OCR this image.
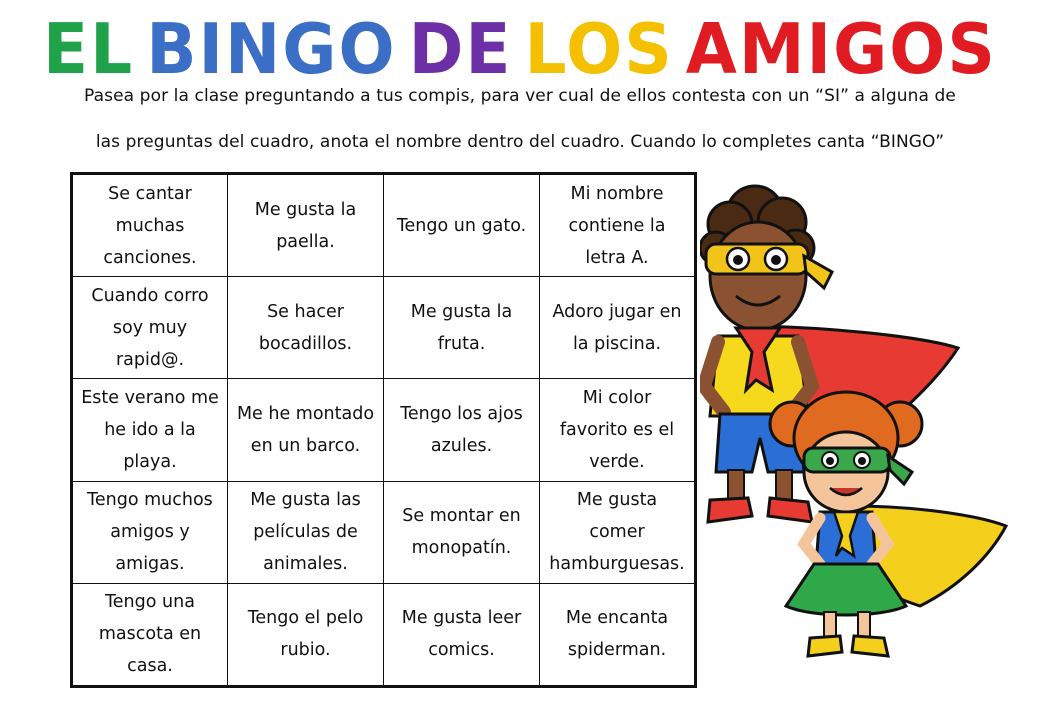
EL BINGO DE LOS AMIGOS
Pasea por la clase preguntando a tus compis, para ver cual de ellos contesta con un “SI” a alguna de
las preguntas del cuadro, anota el nombre dentro del cuadro. Cuando lo completes canta “BINGO”
Se cantar muchas canciones.	Me gusta la paella.	Tengo un gato.	Mi nombre contiene la letra A.
Cuando corro soy muy rapid@.	Se hacer bocadillos.	Me gusta la fruta.	Adoro jugar en la piscina.
Este verano me he ido a la playa.	Me he montado en un barco.	Tengo los ajos azules.	Mi color favorito es el verde.
Tengo muchos amigos y amigas.	Me gusta las películas de animales.	Se montar en monopatín.	Me gusta comer hamburguesas.
Tengo una mascota en casa.	Tengo el pelo rubio.	Me gusta leer comics.	Me encanta spiderman.
